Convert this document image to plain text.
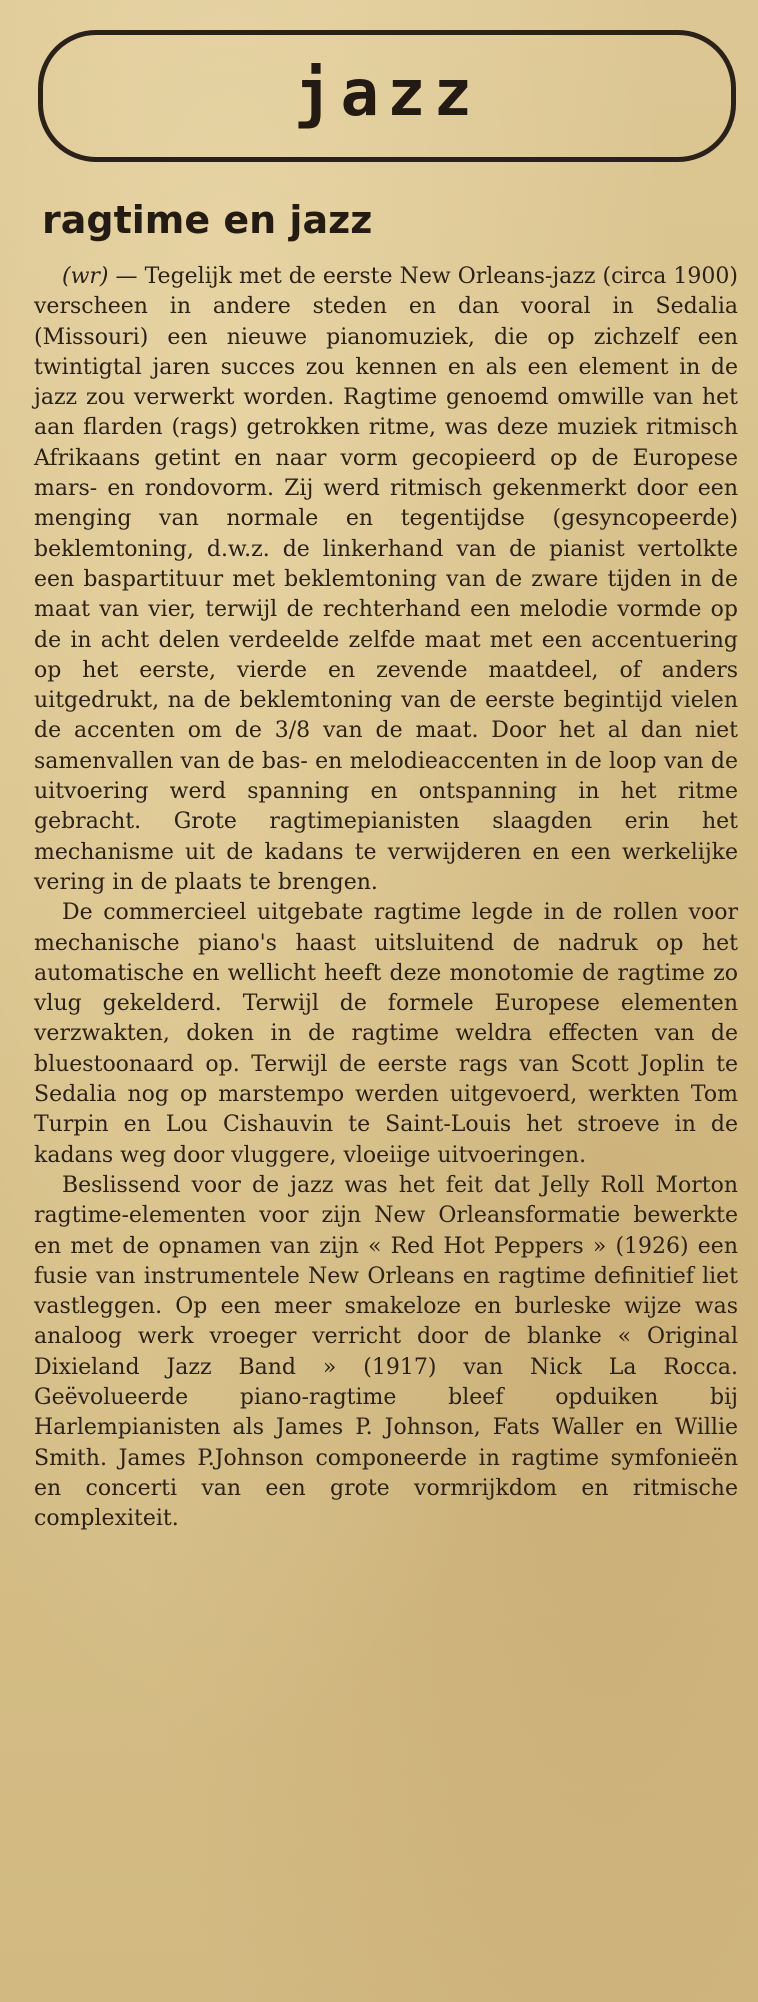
jazz
ragtime en jazz

(wr) — Tegelijk met de eerste New Orleans-jazz (circa 1900) verscheen in andere steden en dan vooral in Sedalia (Missouri) een nieuwe pianomuziek, die op zichzelf een twintigtal jaren succes zou kennen en als een element in de jazz zou verwerkt worden. Ragtime genoemd omwille van het aan flarden (rags) getrokken ritme, was deze muziek ritmisch Afrikaans getint en naar vorm gecopieerd op de Europese mars- en rondovorm. Zij werd ritmisch gekenmerkt door een menging van normale en tegentijdse (gesyncopeerde) beklemtoning, d.w.z. de linkerhand van de pianist vertolkte een baspartituur met beklemtoning van de zware tijden in de maat van vier, terwijl de rechterhand een melodie vormde op de in acht delen verdeelde zelfde maat met een accentuering op het eerste, vierde en zevende maatdeel, of anders uitgedrukt, na de beklemtoning van de eerste begintijd vielen de accenten om de 3/8 van de maat. Door het al dan niet samenvallen van de bas- en melodieaccenten in de loop van de uitvoering werd spanning en ontspanning in het ritme gebracht. Grote ragtimepianisten slaagden erin het mechanisme uit de kadans te verwijderen en een werkelijke vering in de plaats te brengen.

De commercieel uitgebate ragtime legde in de rollen voor mechanische piano's haast uitsluitend de nadruk op het automatische en wellicht heeft deze monotomie de ragtime zo vlug gekelderd. Terwijl de formele Europese elementen verzwakten, doken in de ragtime weldra effecten van de bluestoonaard op. Terwijl de eerste rags van Scott Joplin te Sedalia nog op marstempo werden uitgevoerd, werkten Tom Turpin en Lou Cishauvin te Saint-Louis het stroeve in de kadans weg door vluggere, vloeiige uitvoeringen.

Beslissend voor de jazz was het feit dat Jelly Roll Morton ragtime-elementen voor zijn New Orleansformatie bewerkte en met de opnamen van zijn « Red Hot Peppers » (1926) een fusie van instrumentele New Orleans en ragtime definitief liet vastleggen. Op een meer smakeloze en burleske wijze was analoog werk vroeger verricht door de blanke « Original Dixieland Jazz Band » (1917) van Nick La Rocca. Geëvolueerde piano-ragtime bleef opduiken bij Harlempianisten als James P. Johnson, Fats Waller en Willie Smith. James P.Johnson componeerde in ragtime symfonieën en concerti van een grote vormrijkdom en ritmische complexiteit.
